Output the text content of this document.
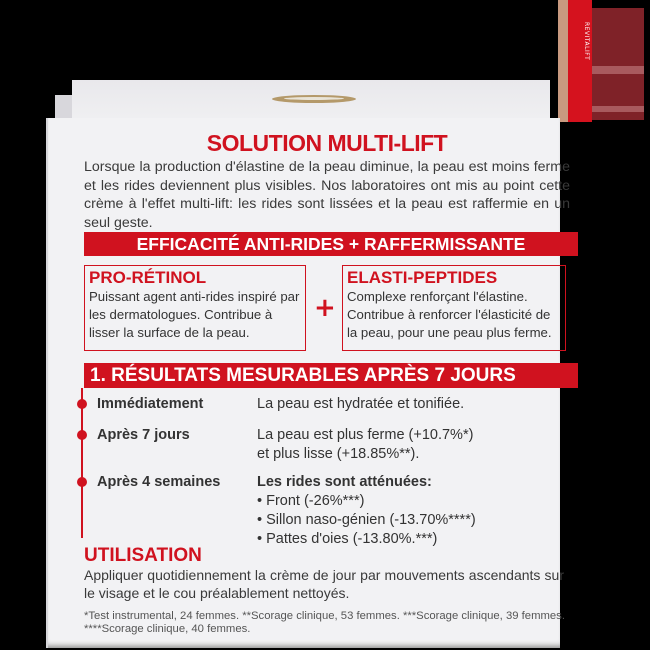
REVITALIFT
SOLUTION MULTI-LIFT
Lorsque la production d'élastine de la peau diminue, la peau est moins ferme et les rides deviennent plus visibles. Nos laboratoires ont mis au point cette crème à l'effet multi-lift: les rides sont lissées et la peau est raffermie en un seul geste.
EFFICACITÉ ANTI-RIDES + RAFFERMISSANTE
PRO-RÉTINOL
Puissant agent anti-rides inspiré par les dermatologues. Contribue à lisser la surface de la peau.
+
ELASTI-PEPTIDES
Complexe renforçant l'élastine. Contribue à renforcer l'élasticité de la peau, pour une peau plus ferme.
1. RÉSULTATS MESURABLES APRÈS 7 JOURS
Immédiatement	La peau est hydratée et tonifiée.
Après 7 jours	La peau est plus ferme (+10.7%*)
et plus lisse (+18.85%**).
Après 4 semaines	Les rides sont atténuées:
• Front (-26%***)
• Sillon naso-génien (-13.70%****)
• Pattes d'oies (-13.80%.***)
UTILISATION
Appliquer quotidiennement la crème de jour par mouvements ascendants sur le visage et le cou préalablement nettoyés.
*Test instrumental, 24 femmes. **Scorage clinique, 53 femmes. ***Scorage clinique, 39 femmes. ****Scorage clinique, 40 femmes.
